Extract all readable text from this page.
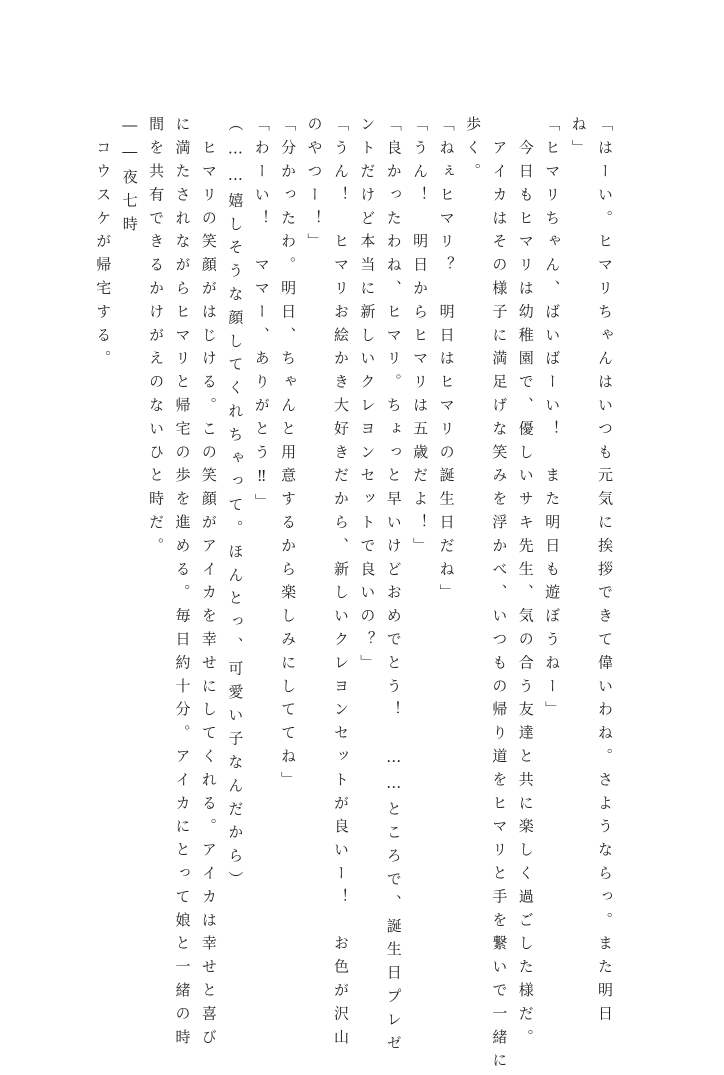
「はーい。ヒマリちゃんはいつも元気に挨拶できて偉いわね。さようならっ。また明日
ね」
「ヒマリちゃん、ばいばーい！　また明日も遊ぼうねー」
　今日もヒマリは幼稚園で、優しいサキ先生、気の合う友達と共に楽しく過ごした様だ。
　アイカはその様子に満足げな笑みを浮かべ、いつもの帰り道をヒマリと手を繋いで一緒に
歩く。
「ねぇヒマリ？　明日はヒマリの誕生日だね」
「うん！　明日からヒマリは五歳だよ！」
「良かったわね、ヒマリ。ちょっと早いけどおめでとう！　……ところで、誕生日プレゼ
ントだけど本当に新しいクレヨンセットで良いの？」
「うん！　ヒマリお絵かき大好きだから、新しいクレヨンセットが良いー！　お色が沢山
のやつー！」
「分かったわ。明日、ちゃんと用意するから楽しみにしててね」
「わーい！　ママー、ありがとう‼」
（……嬉しそうな顔してくれちゃって。ほんとっ、可愛い子なんだから）
　ヒマリの笑顔がはじける。この笑顔がアイカを幸せにしてくれる。アイカは幸せと喜び
に満たされながらヒマリと帰宅の歩を進める。毎日約十分。アイカにとって娘と一緒の時
間を共有できるかけがえのないひと時だ。
――夜七時
　コウスケが帰宅する。
